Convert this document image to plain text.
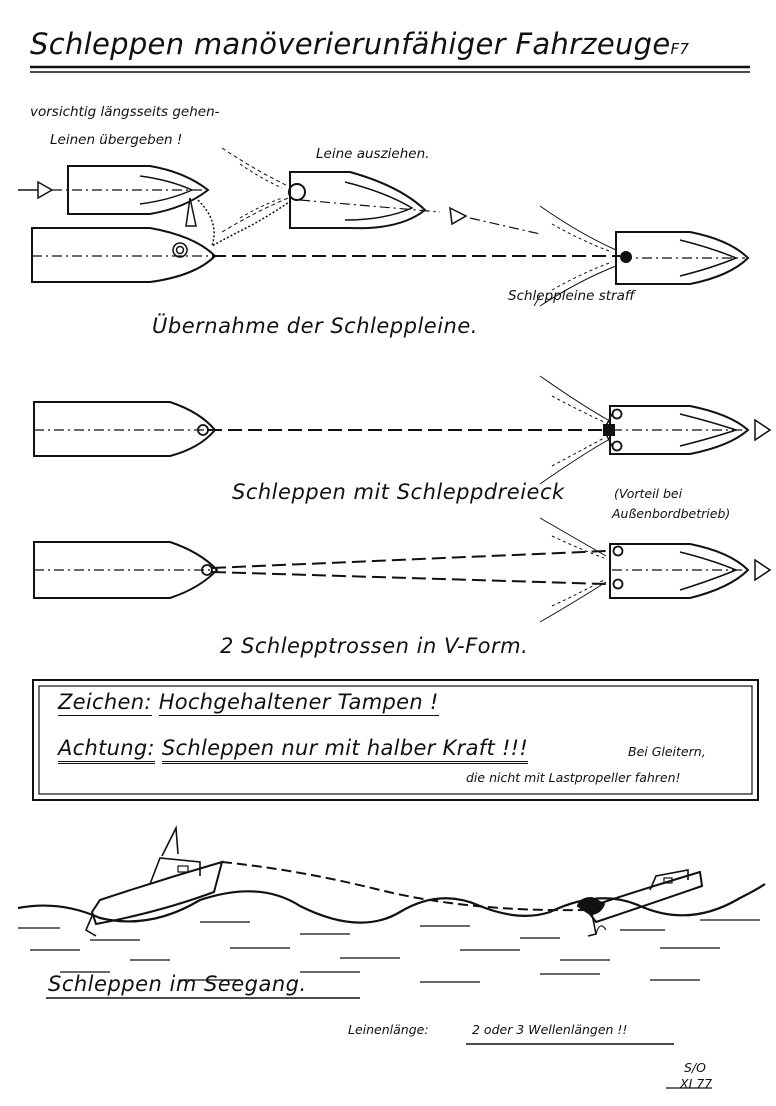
Schleppen manöverierunfähiger FahrzeugeF7
vorsichtig längsseits gehen-
Leinen übergeben !
Leine ausziehen.
Schleppleine straff
Übernahme der Schleppleine.
Schleppen mit Schleppdreieck	(Vorteil bei
Außenbordbetrieb)
2 Schlepptrossen in V-Form.
Zeichen: Hochgehaltener Tampen !
Achtung: Schleppen nur mit halber Kraft !!!	Bei Gleitern,
die nicht mit Lastpropeller fahren!
Schleppen im Seegang.
Leinenlänge:	2 oder 3 Wellenlängen !!
S/O
XI 77
